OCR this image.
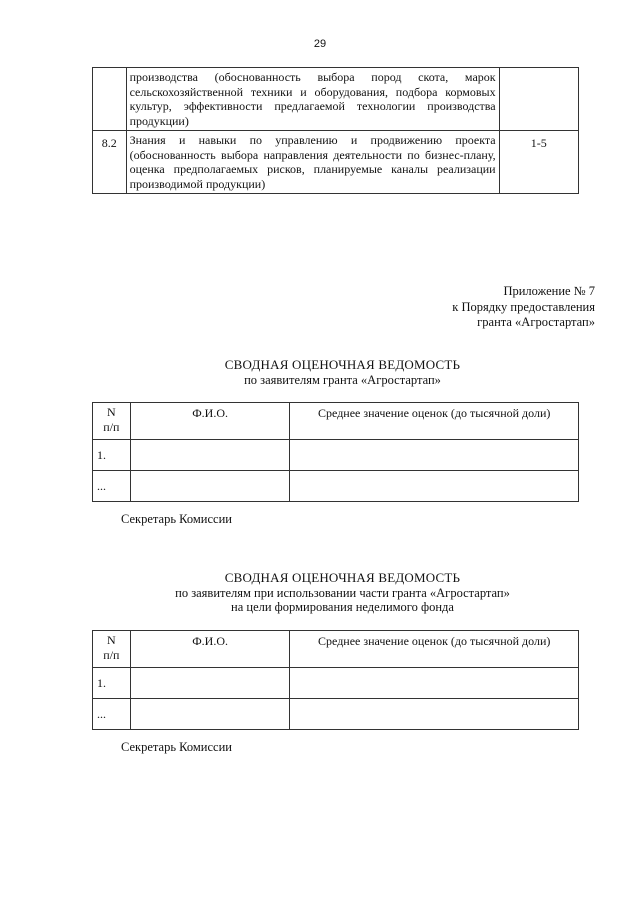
29
	производства (обоснованность выбора пород скота, марок сельскохозяйственной техники и оборудования, подбора кормовых культур, эффективности предлагаемой технологии производства продукции)	
8.2	Знания и навыки по управлению и продвижению проекта (обоснованность выбора направления деятельности по бизнес-плану, оценка предполагаемых рисков, планируемые каналы реализации производимой продукции)	1-5
Приложение № 7
к Порядку предоставления
гранта «Агростартап»
СВОДНАЯ ОЦЕНОЧНАЯ ВЕДОМОСТЬ
по заявителям гранта «Агростартап»
N
п/п	Ф.И.О.	Среднее значение оценок (до тысячной доли)
1.		
...		
Секретарь Комиссии
СВОДНАЯ ОЦЕНОЧНАЯ ВЕДОМОСТЬ
по заявителям при использовании части гранта «Агростартап»
на цели формирования неделимого фонда
N
п/п	Ф.И.О.	Среднее значение оценок (до тысячной доли)
1.		
...		
Секретарь Комиссии
